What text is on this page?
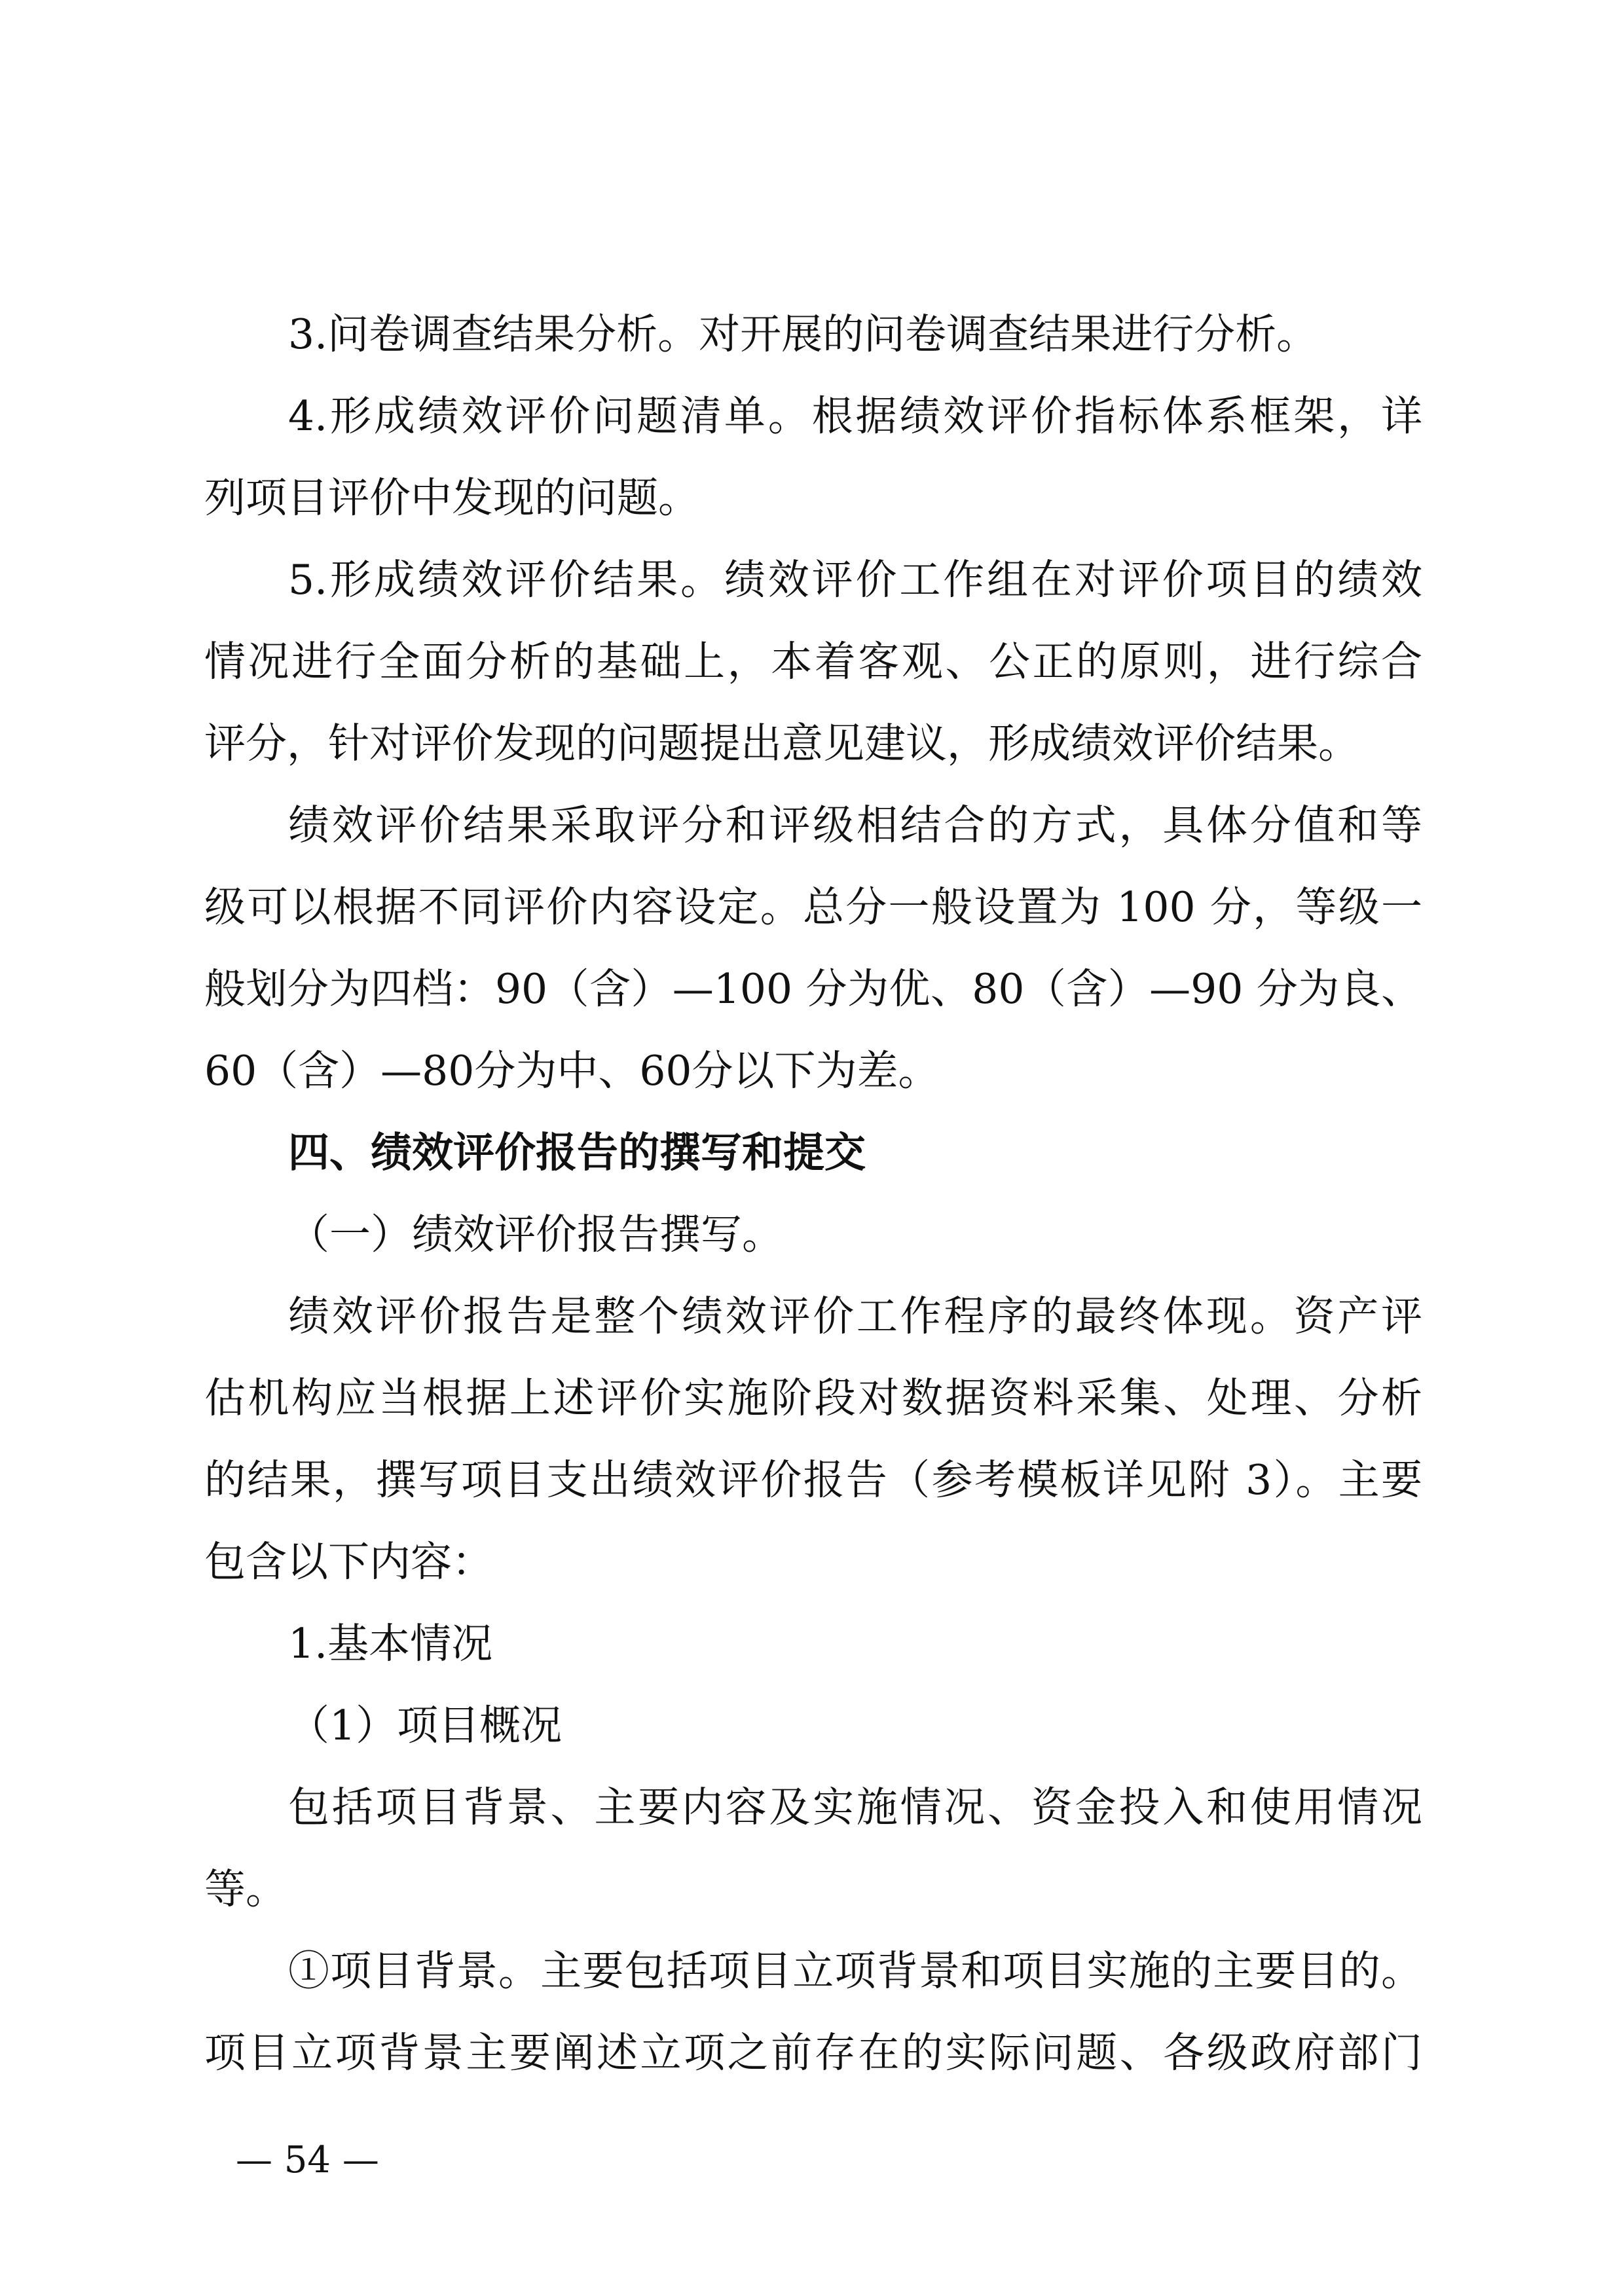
3.问卷调查结果分析。对开展的问卷调查结果进行分析。
4.形成绩效评价问题清单。根据绩效评价指标体系框架，详
列项目评价中发现的问题。
5.形成绩效评价结果。绩效评价工作组在对评价项目的绩效
情况进行全面分析的基础上，本着客观、公正的原则，进行综合
评分，针对评价发现的问题提出意见建议，形成绩效评价结果。
绩效评价结果采取评分和评级相结合的方式，具体分值和等
级可以根据不同评价内容设定。总分一般设置为 100 分，等级一
般划分为四档：90（含）—100 分为优、80（含）—90 分为良、
60（含）—80分为中、60分以下为差。
四、绩效评价报告的撰写和提交
（一）绩效评价报告撰写。
绩效评价报告是整个绩效评价工作程序的最终体现。资产评
估机构应当根据上述评价实施阶段对数据资料采集、处理、分析
的结果，撰写项目支出绩效评价报告（参考模板详见附 3）。主要
包含以下内容：
1.基本情况
（1）项目概况
包括项目背景、主要内容及实施情况、资金投入和使用情况
等。
①项目背景。主要包括项目立项背景和项目实施的主要目的。
项目立项背景主要阐述立项之前存在的实际问题、各级政府部门
— 54 —
